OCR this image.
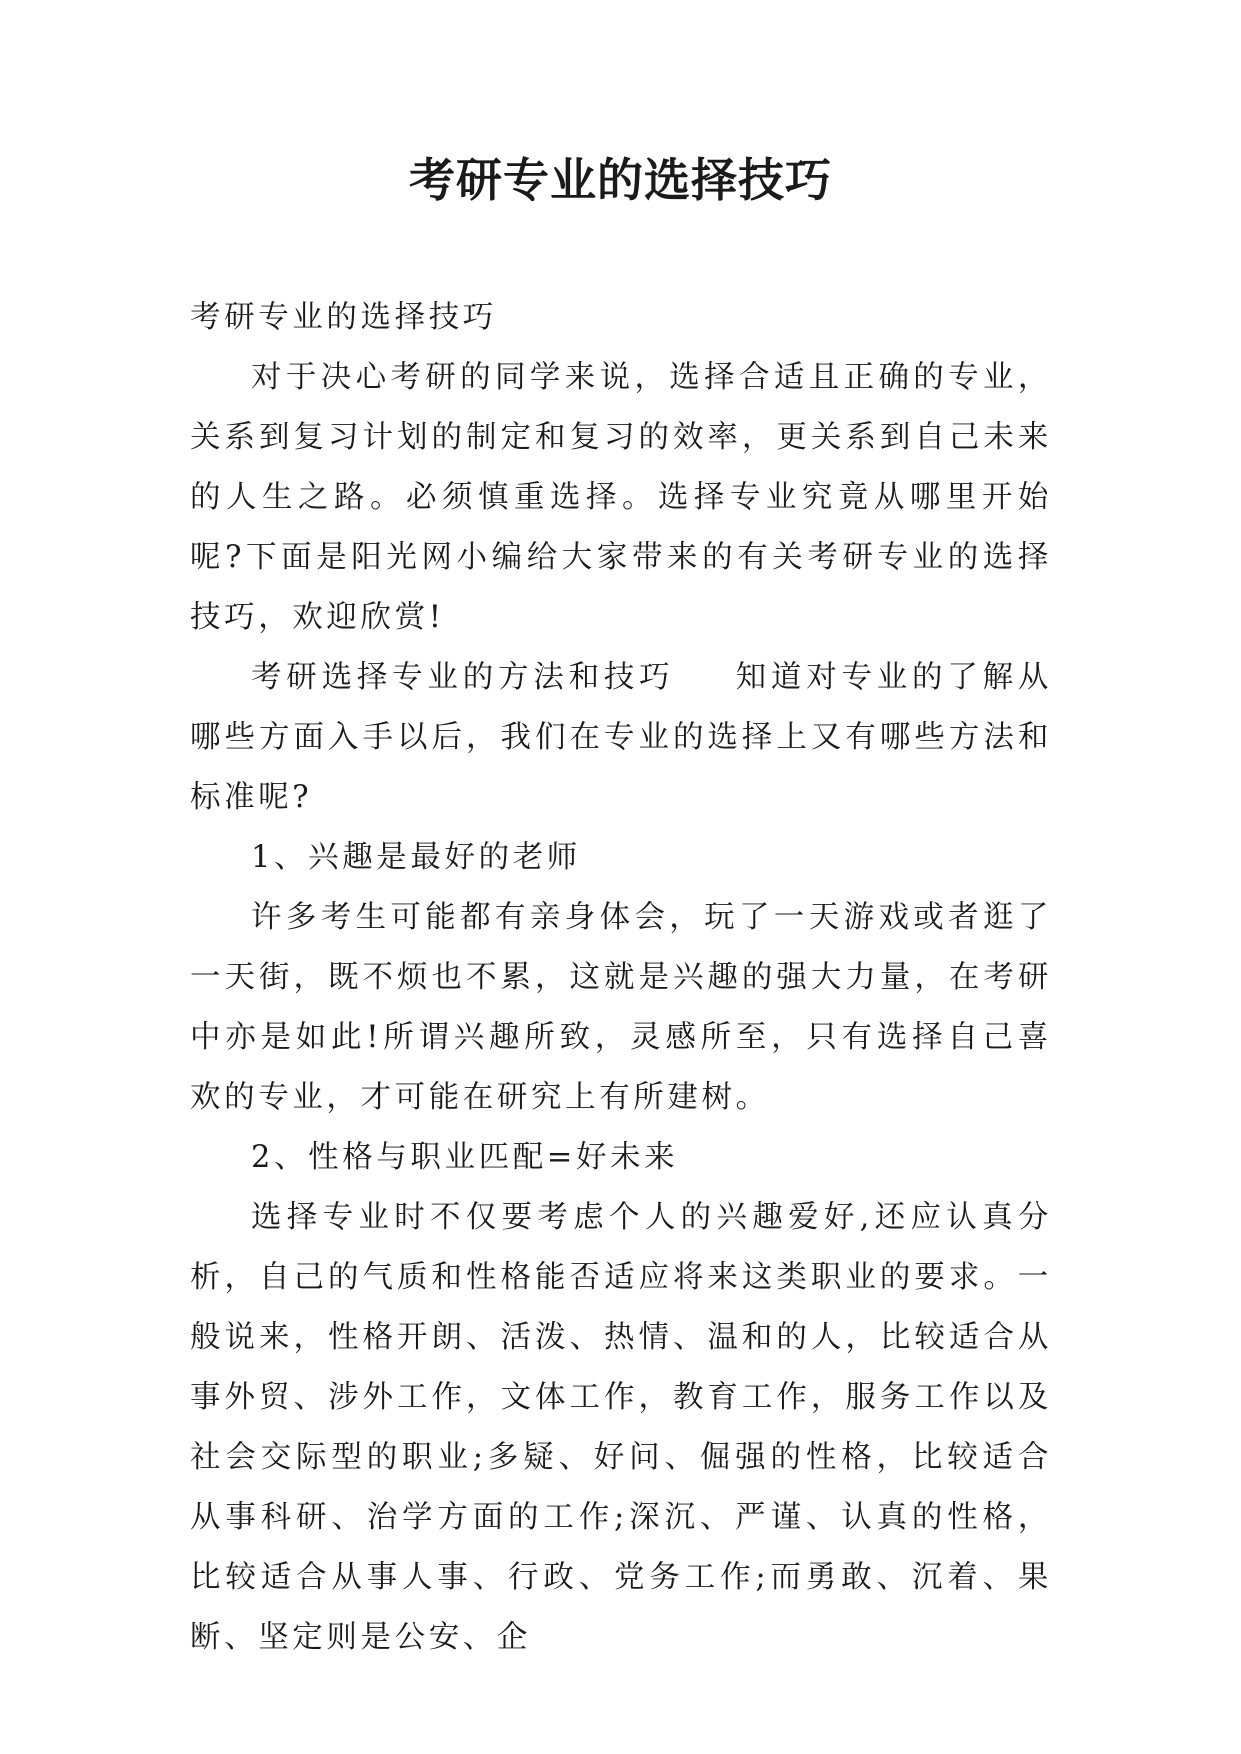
考研专业的选择技巧

考研专业的选择技巧

对于决心考研的同学来说，选择合适且正确的专业，关系到复习计划的制定和复习的效率，更关系到自己未来的人生之路。必须慎重选择。选择专业究竟从哪里开始呢?下面是阳光网小编给大家带来的有关考研专业的选择技巧，欢迎欣赏!

考研选择专业的方法和技巧 知道对专业的了解从哪些方面入手以后，我们在专业的选择上又有哪些方法和标准呢?

1、兴趣是最好的老师

许多考生可能都有亲身体会，玩了一天游戏或者逛了一天街，既不烦也不累，这就是兴趣的强大力量，在考研中亦是如此!所谓兴趣所致，灵感所至，只有选择自己喜欢的专业，才可能在研究上有所建树。

2、性格与职业匹配=好未来

选择专业时不仅要考虑个人的兴趣爱好,还应认真分析，自己的气质和性格能否适应将来这类职业的要求。一般说来，性格开朗、活泼、热情、温和的人，比较适合从事外贸、涉外工作，文体工作，教育工作，服务工作以及社会交际型的职业;多疑、好问、倔强的性格，比较适合从事科研、治学方面的工作;深沉、严谨、认真的性格，比较适合从事人事、行政、党务工作;而勇敢、沉着、果断、坚定则是公安、企
